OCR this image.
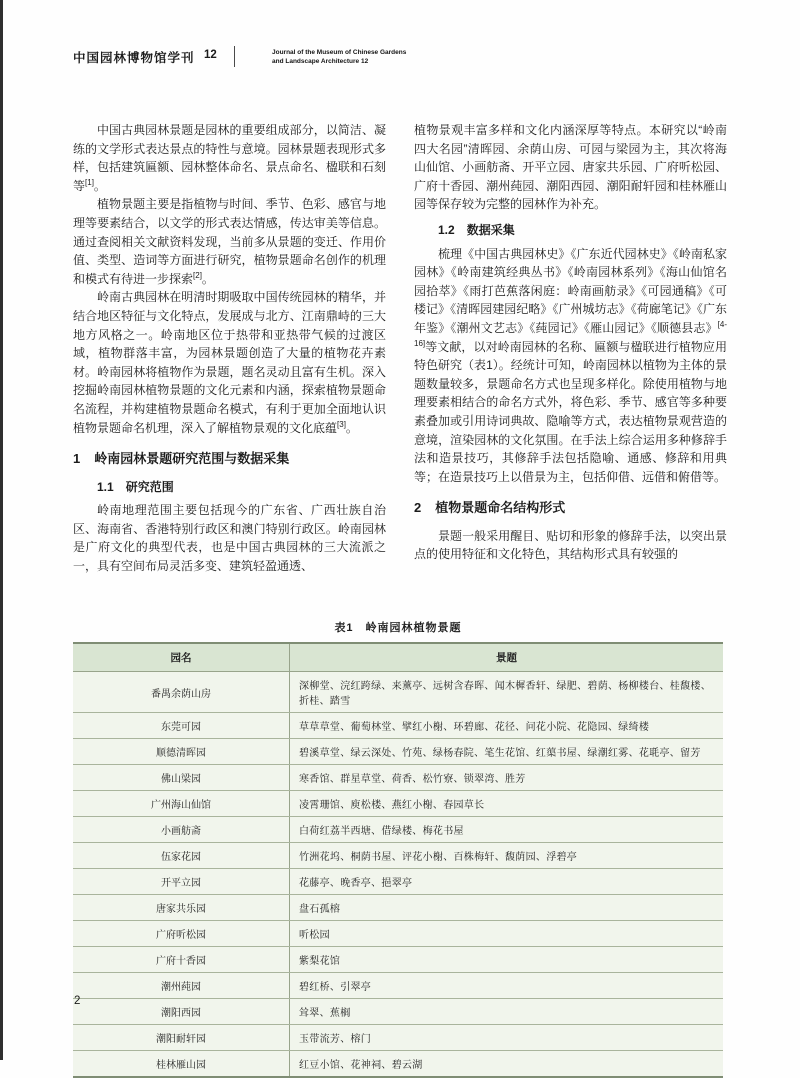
中国园林博物馆学刊 12	Journal of the Museum of Chinese Gardens
and Landscape Architecture 12

中国古典园林景题是园林的重要组成部分，以简洁、凝练的文学形式表达景点的特性与意境。园林景题表现形式多样，包括建筑匾额、园林整体命名、景点命名、楹联和石刻等[1]。

植物景题主要是指植物与时间、季节、色彩、感官与地理等要素结合，以文学的形式表达情感，传达审美等信息。通过查阅相关文献资料发现，当前多从景题的变迁、作用价值、类型、造词等方面进行研究，植物景题命名创作的机理和模式有待进一步探索[2]。

岭南古典园林在明清时期吸取中国传统园林的精华，并结合地区特征与文化特点，发展成与北方、江南鼎峙的三大地方风格之一。岭南地区位于热带和亚热带气候的过渡区域，植物群落丰富，为园林景题创造了大量的植物花卉素材。岭南园林将植物作为景题，题名灵动且富有生机。深入挖掘岭南园林植物景题的文化元素和内涵，探索植物景题命名流程，并构建植物景题命名模式，有利于更加全面地认识植物景题命名机理，深入了解植物景观的文化底蕴[3]。

1 岭南园林景题研究范围与数据采集
1.1 研究范围

岭南地理范围主要包括现今的广东省、广西壮族自治区、海南省、香港特别行政区和澳门特别行政区。岭南园林是广府文化的典型代表，也是中国古典园林的三大流派之一，具有空间布局灵活多变、建筑轻盈通透、

植物景观丰富多样和文化内涵深厚等特点。本研究以“岭南四大名园”清晖园、余荫山房、可园与梁园为主，其次将海山仙馆、小画舫斋、开平立园、唐家共乐园、广府听松园、广府十香园、潮州莼园、潮阳西园、潮阳耐轩园和桂林雁山园等保存较为完整的园林作为补充。

1.2 数据采集

梳理《中国古典园林史》《广东近代园林史》《岭南私家园林》《岭南建筑经典丛书》《岭南园林系列》《海山仙馆名园拾萃》《雨打芭蕉落闲庭：岭南画舫录》《可园通稿》《可楼记》《清晖园建园纪略》《广州城坊志》《荷廊笔记》《广东年鉴》《潮州文艺志》《莼园记》《雁山园记》《顺德县志》[4-16]等文献，以对岭南园林的名称、匾额与楹联进行植物应用特色研究（表1）。经统计可知，岭南园林以植物为主体的景题数量较多，景题命名方式也呈现多样化。除使用植物与地理要素相结合的命名方式外，将色彩、季节、感官等多种要素叠加或引用诗词典故、隐喻等方式，表达植物景观营造的意境，渲染园林的文化氛围。在手法上综合运用多种修辞手法和造景技巧，其修辞手法包括隐喻、通感、修辞和用典等；在造景技巧上以借景为主，包括仰借、远借和俯借等。

2 植物景题命名结构形式

景题一般采用醒目、贴切和形象的修辞手法，以突出景点的使用特征和文化特色，其结构形式具有较强的

表1　岭南园林植物景题
园名	景题
番禺余荫山房	深柳堂、浣红跨绿、来薰亭、远树含春晖、闻木樨香轩、绿肥、碧荫、杨柳楼台、桂馥楼、折桂、踏雪
东莞可园	草草草堂、葡萄林堂、擘红小榭、环碧廊、花径、问花小院、花隐园、绿绮楼
顺德清晖园	碧溪草堂、绿云深处、竹苑、绿杨春院、笔生花馆、红蕖书屋、绿潮红雾、花毦亭、留芳
佛山梁园	寒香馆、群星草堂、荷香、松竹寮、锁翠湾、胜芳
广州海山仙馆	凌霄珊馆、庾松楼、燕红小榭、春园草长
小画舫斋	白荷红荔半西塘、借绿楼、梅花书屋
伍家花园	竹洲花坞、桐荫书屋、评花小榭、百株梅轩、馥荫园、浮碧亭
开平立园	花藤亭、晚香亭、挹翠亭
唐家共乐园	盘石孤榕
广府听松园	听松园
广府十香园	紫梨花馆
潮州莼园	碧红桥、引翠亭
潮阳西园	耸翠、蕉榈
潮阳耐轩园	玉带流芳、榕门
桂林雁山园	红豆小馆、花神祠、碧云湖
2
